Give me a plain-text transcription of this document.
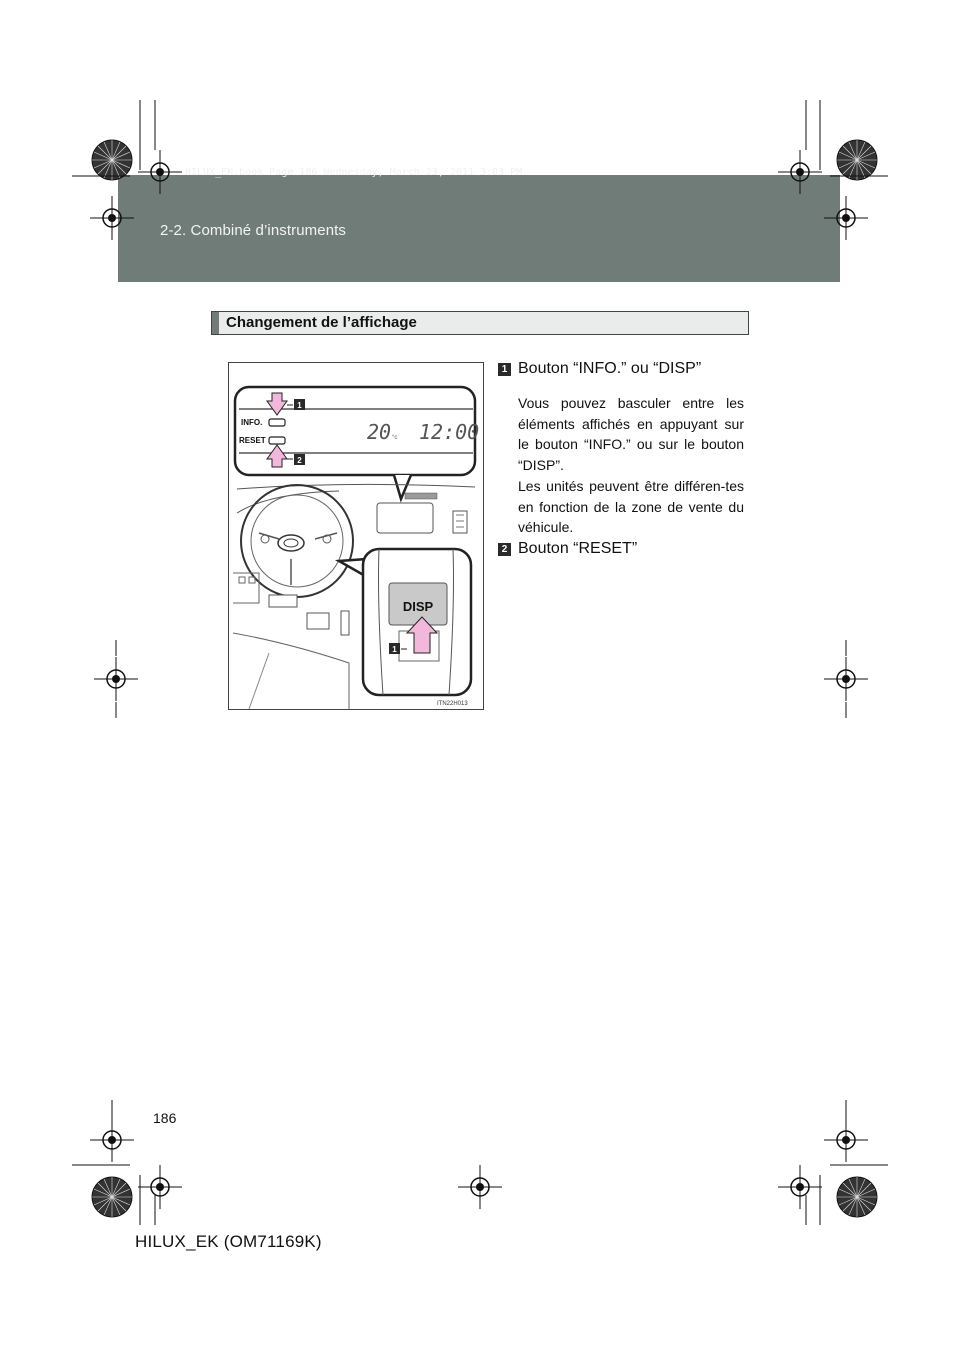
HILUX_EK.book Page 186 Wednesday, March 23, 2011 3:03 PM
2-2. Combiné d’instruments
Changement de l’affichage
INFO.
RESET	20 °c 12:00
1
2
DISP
1
ITN22H013
1 Bouton “INFO.” ou “DISP”
Vous pouvez basculer entre les éléments affichés en appuyant sur le bouton “INFO.” ou sur le bouton “DISP”.
Les unités peuvent être différen-tes en fonction de la zone de vente du véhicule.
2 Bouton “RESET”
186
HILUX_EK (OM71169K)
